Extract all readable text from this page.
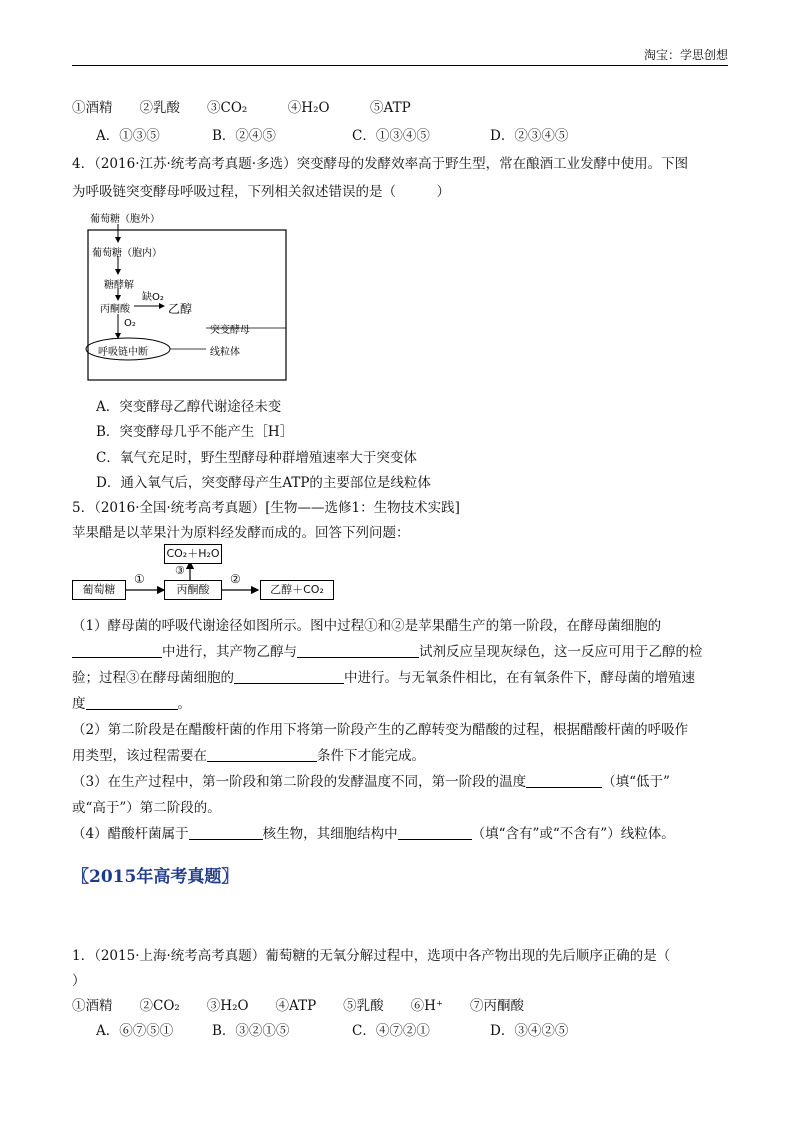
淘宝：学思创想
①酒精　　②乳酸　　③CO₂　　　④H₂O　　　⑤ATP
A．①③⑤	B．②④⑤	C．①③④⑤	D．②③④⑤
4．（2016·江苏·统考高考真题·多选）突变酵母的发酵效率高于野生型，常在酿酒工业发酵中使用。下图
为呼吸链突变酵母呼吸过程，下列相关叙述错误的是（　　　）
葡萄糖（胞外）
葡萄糖（胞内）
糖酵解
丙酮酸
缺O₂
乙醇
O₂
呼吸链中断
突变酵母
线粒体
A．突变酵母乙醇代谢途径未变
B．突变酵母几乎不能产生［H］
C．氧气充足时，野生型酵母种群增殖速率大于突变体
D．通入氧气后，突变酵母产生ATP的主要部位是线粒体
5．（2016·全国·统考高考真题）[生物——选修1：生物技术实践]
苹果醋是以苹果汁为原料经发酵而成的。回答下列问题：
葡萄糖	丙酮酸	乙醇＋CO₂
CO₂＋H₂O
①	②
③
（1）酵母菌的呼吸代谢途径如图所示。图中过程①和②是苹果醋生产的第一阶段，在酵母菌细胞的
中进行，其产物乙醇与	试剂反应呈现灰绿色，这一反应可用于乙醇的检
验；过程③在酵母菌细胞的	中进行。与无氧条件相比，在有氧条件下，酵母菌的增殖速
度	。
（2）第二阶段是在醋酸杆菌的作用下将第一阶段产生的乙醇转变为醋酸的过程，根据醋酸杆菌的呼吸作
用类型，该过程需要在	条件下才能完成。
（3）在生产过程中，第一阶段和第二阶段的发酵温度不同，第一阶段的温度	（填“低于”
或“高于”）第二阶段的。
（4）醋酸杆菌属于	核生物，其细胞结构中	（填“含有”或“不含有”）线粒体。
〖2015年高考真题〗
1．（2015·上海·统考高考真题）葡萄糖的无氧分解过程中，选项中各产物出现的先后顺序正确的是（
）
①酒精　　②CO₂　　③H₂O　　④ATP　　⑤乳酸　　⑥H⁺　　⑦丙酮酸
A．⑥⑦⑤①	B．③②①⑤	C．④⑦②①	D．③④②⑤
